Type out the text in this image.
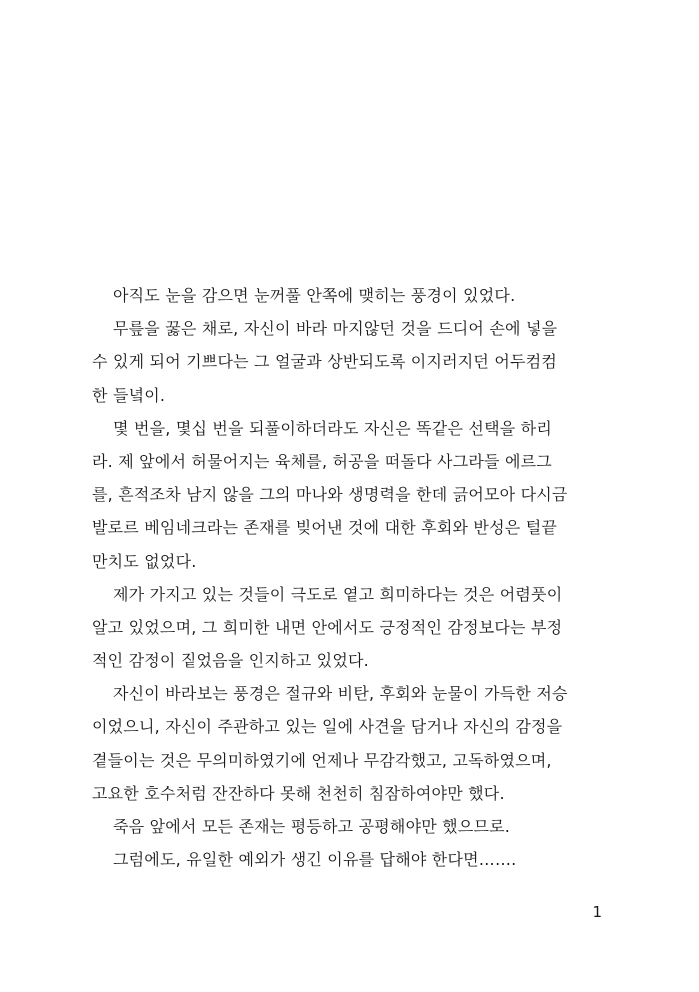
아직도 눈을 감으면 눈꺼풀 안쪽에 맺히는 풍경이 있었다.
무릎을 꿇은 채로, 자신이 바라 마지않던 것을 드디어 손에 넣을
수 있게 되어 기쁘다는 그 얼굴과 상반되도록 이지러지던 어두컴컴
한 들녘이.
몇 번을, 몇십 번을 되풀이하더라도 자신은 똑같은 선택을 하리
라. 제 앞에서 허물어지는 육체를, 허공을 떠돌다 사그라들 에르그
를, 흔적조차 남지 않을 그의 마나와 생명력을 한데 긁어모아 다시금
발로르 베임네크라는 존재를 빚어낸 것에 대한 후회와 반성은 털끝
만치도 없었다.
제가 가지고 있는 것들이 극도로 옅고 희미하다는 것은 어렴풋이
알고 있었으며, 그 희미한 내면 안에서도 긍정적인 감정보다는 부정
적인 감정이 짙었음을 인지하고 있었다.
자신이 바라보는 풍경은 절규와 비탄, 후회와 눈물이 가득한 저승
이었으니, 자신이 주관하고 있는 일에 사견을 담거나 자신의 감정을
곁들이는 것은 무의미하였기에 언제나 무감각했고, 고독하였으며,
고요한 호수처럼 잔잔하다 못해 천천히 침잠하여야만 했다.
죽음 앞에서 모든 존재는 평등하고 공평해야만 했으므로.
그럼에도, 유일한 예외가 생긴 이유를 답해야 한다면…….
1
